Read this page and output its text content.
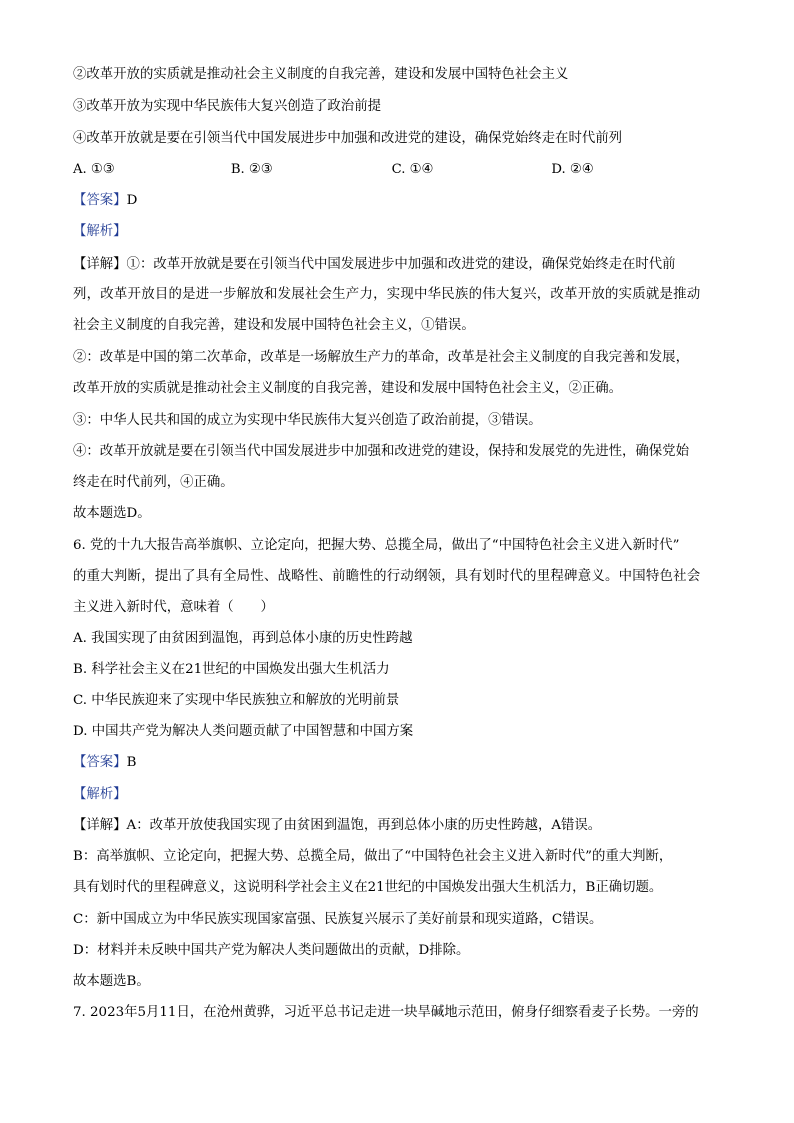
②改革开放的实质就是推动社会主义制度的自我完善，建设和发展中国特色社会主义
③改革开放为实现中华民族伟大复兴创造了政治前提
④改革开放就是要在引领当代中国发展进步中加强和改进党的建设，确保党始终走在时代前列
A. ①③	B. ②③	C. ①④	D. ②④
【答案】D
【解析】
【详解】①：改革开放就是要在引领当代中国发展进步中加强和改进党的建设，确保党始终走在时代前
列，改革开放目的是进一步解放和发展社会生产力，实现中华民族的伟大复兴，改革开放的实质就是推动
社会主义制度的自我完善，建设和发展中国特色社会主义，①错误。
②：改革是中国的第二次革命，改革是一场解放生产力的革命，改革是社会主义制度的自我完善和发展，
改革开放的实质就是推动社会主义制度的自我完善，建设和发展中国特色社会主义，②正确。
③：中华人民共和国的成立为实现中华民族伟大复兴创造了政治前提，③错误。
④：改革开放就是要在引领当代中国发展进步中加强和改进党的建设，保持和发展党的先进性，确保党始
终走在时代前列，④正确。
故本题选D。
6. 党的十九大报告高举旗帜、立论定向，把握大势、总揽全局，做出了“中国特色社会主义进入新时代”
的重大判断，提出了具有全局性、战略性、前瞻性的行动纲领，具有划时代的里程碑意义。中国特色社会
主义进入新时代，意味着（　　）
A. 我国实现了由贫困到温饱，再到总体小康的历史性跨越
B. 科学社会主义在21世纪的中国焕发出强大生机活力
C. 中华民族迎来了实现中华民族独立和解放的光明前景
D. 中国共产党为解决人类问题贡献了中国智慧和中国方案
【答案】B
【解析】
【详解】A：改革开放使我国实现了由贫困到温饱，再到总体小康的历史性跨越，A错误。
B：高举旗帜、立论定向，把握大势、总揽全局，做出了“中国特色社会主义进入新时代”的重大判断，
具有划时代的里程碑意义，这说明科学社会主义在21世纪的中国焕发出强大生机活力，B正确切题。
C：新中国成立为中华民族实现国家富强、民族复兴展示了美好前景和现实道路，C错误。
D：材料并未反映中国共产党为解决人类问题做出的贡献，D排除。
故本题选B。
7. 2023年5月11日，在沧州黄骅，习近平总书记走进一块旱碱地示范田，俯身仔细察看麦子长势。一旁的
